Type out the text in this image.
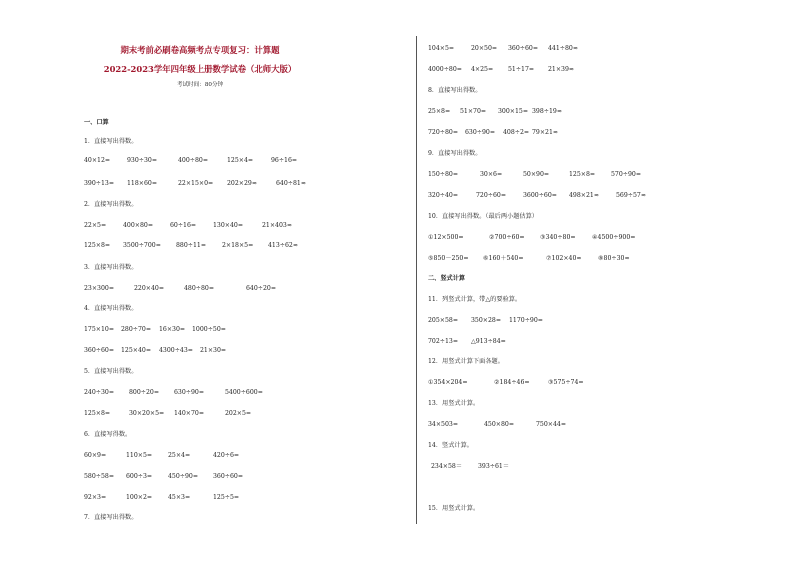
期末考前必刷卷高频考点专项复习：计算题
2022-2023学年四年级上册数学试卷（北师大版）
考试时间：80分钟
一、口算
1．直接写出得数。
40×12=	930÷30=	400÷80=	125×4=	96÷16=
390÷13= 118×60=	22×15×0= 202×29≈	640÷81≈
2．直接写出得数。
22×5=	400×80=	60÷16=	130×40=	21×403≈
125×8= 3500÷700= 880÷11=	2×18×5= 413÷62≈
3．直接写出得数。
23×300=	220×40=	480÷80=	640÷20=
4．直接写出得数。
175×10= 280÷70= 16×30= 1000÷50=
360÷60= 125×40= 4300÷43= 21×30=
5．直接写出得数。
240÷30= 800÷20= 630÷90=	5400÷600=
125×8=	30×20×5= 140×70=	202×5=
6．直接写得数。
60×9=	110×5=	25×4=	420÷6=
580÷58= 600÷3=	450÷90= 360÷60=
92×3=	100×2=	45×3=	125÷5=
7．直接写出得数。
104×5=	20×50= 360÷60= 441÷80≈
4000÷80= 4×25= 51÷17= 21×39≈
8．直接写出得数。
25×8= 51×70= 300×15= 398÷19≈
720÷80= 630÷90= 408÷2= 79×21≈
9．直接写出得数。
150÷80=	30×6=	50×90=	125×8=	570÷90=
320÷40=	720÷60=	3600÷60= 498×21≈	569÷57≈
10．直接写出得数。（最后两小题估算）
①12×500=	②700÷60= ③340÷80=	④4500÷900=
⑤850－250= ⑥160＋540=	⑦102×40≈	⑧80÷30≈
二、竖式计算
11．列竖式计算，带△的要验算。
205×58= 350×28= 1170÷90=
702÷13= △913÷84=
12．用竖式计算下面各题。
①354×204=	②184÷46=	③575÷74=
13．用竖式计算。
34×503=	450×80=	750×44=
14．竖式计算。
234×58＝	393÷61＝
15．用竖式计算。
